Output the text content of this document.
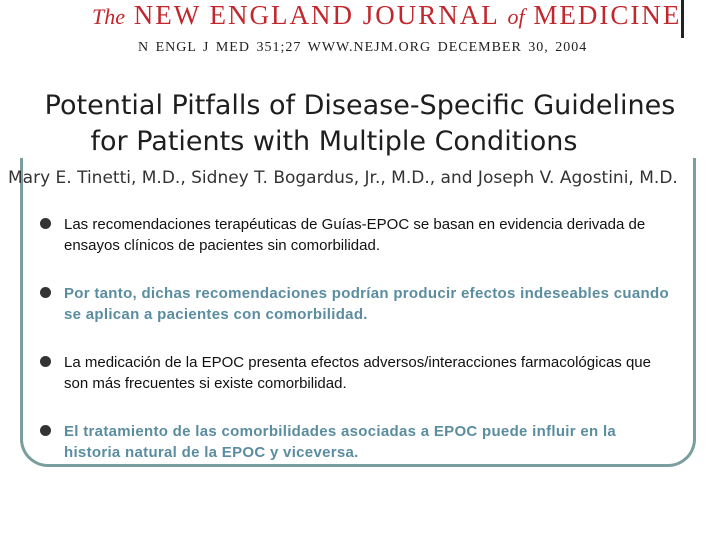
The NEW ENGLAND JOURNAL of MEDICINE
N ENGL J MED 351;27 WWW.NEJM.ORG DECEMBER 30, 2004
Potential Pitfalls of Disease-Specific Guidelines
for Patients with Multiple Conditions
Mary E. Tinetti, M.D., Sidney T. Bogardus, Jr., M.D., and Joseph V. Agostini, M.D.
Las recomendaciones terapéuticas de Guías-EPOC se basan en evidencia derivada de ensayos clínicos de pacientes sin comorbilidad.
Por tanto, dichas recomendaciones podrían producir efectos indeseables cuando se aplican a pacientes con comorbilidad.
La medicación de la EPOC presenta efectos adversos/interacciones farmacológicas que son más frecuentes si existe comorbilidad.
El tratamiento de las comorbilidades asociadas a EPOC puede influir en la historia natural de la EPOC y viceversa.
